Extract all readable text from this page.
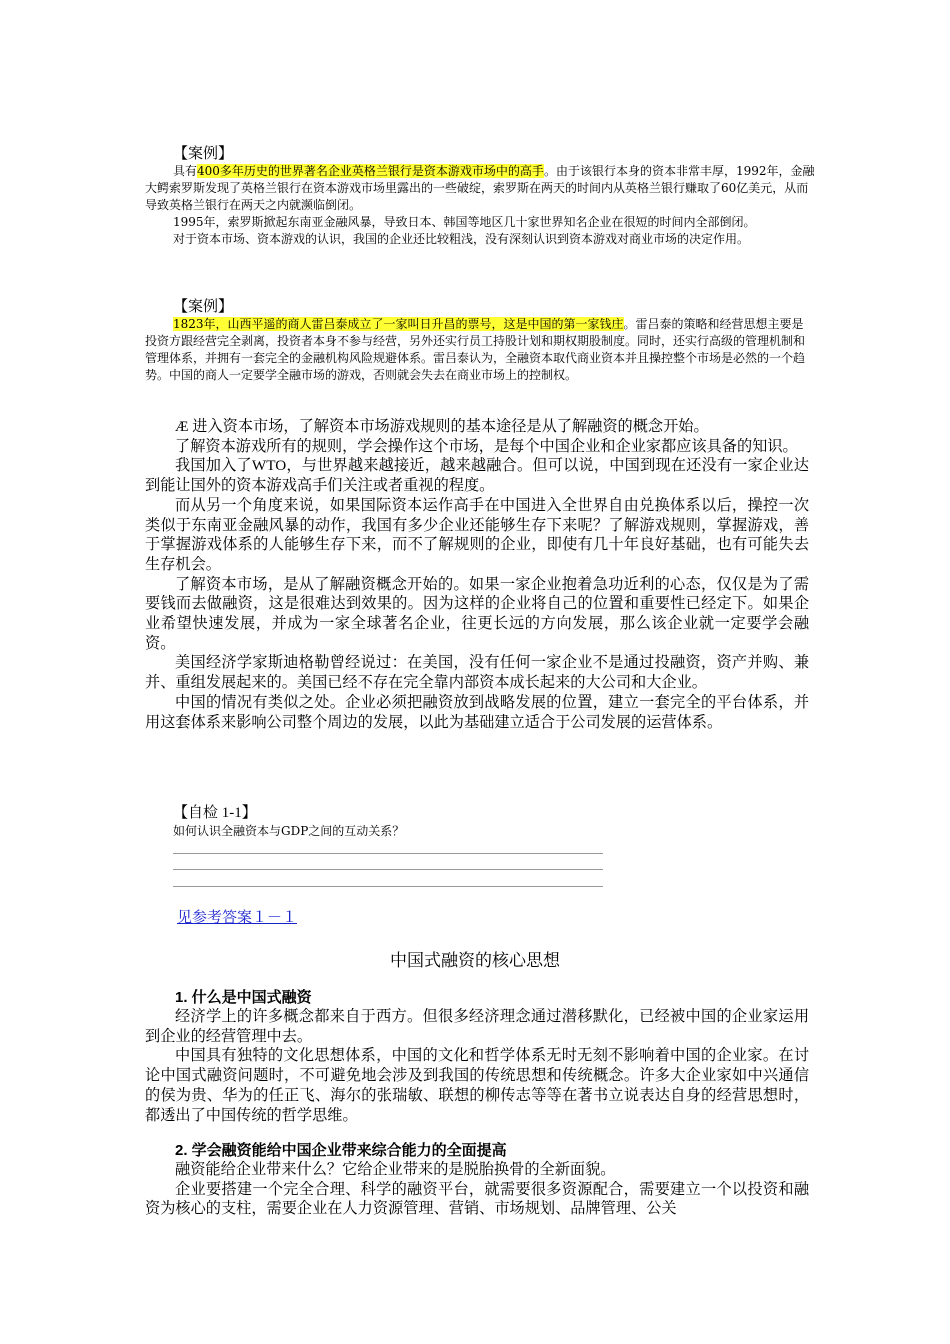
【案例】

具有400多年历史的世界著名企业英格兰银行是资本游戏市场中的高手。由于该银行本身的资本非常丰厚，1992年，金融大鳄索罗斯发现了英格兰银行在资本游戏市场里露出的一些破绽，索罗斯在两天的时间内从英格兰银行赚取了60亿美元，从而导致英格兰银行在两天之内就濒临倒闭。

1995年，索罗斯掀起东南亚金融风暴，导致日本、韩国等地区几十家世界知名企业在很短的时间内全部倒闭。

对于资本市场、资本游戏的认识，我国的企业还比较粗浅，没有深刻认识到资本游戏对商业市场的决定作用。

【案例】

1823年，山西平遥的商人雷吕泰成立了一家叫日升昌的票号，这是中国的第一家钱庄。雷吕泰的策略和经营思想主要是投资方跟经营完全剥离，投资者本身不参与经营，另外还实行员工持股计划和期权期股制度。同时，还实行高级的管理机制和管理体系，并拥有一套完全的金融机构风险规避体系。雷吕泰认为，全融资本取代商业资本并且操控整个市场是必然的一个趋势。中国的商人一定要学全融市场的游戏，否则就会失去在商业市场上的控制权。

Æ 进入资本市场，了解资本市场游戏规则的基本途径是从了解融资的概念开始。

了解资本游戏所有的规则，学会操作这个市场，是每个中国企业和企业家都应该具备的知识。

我国加入了WTO，与世界越来越接近，越来越融合。但可以说，中国到现在还没有一家企业达到能让国外的资本游戏高手们关注或者重视的程度。

而从另一个角度来说，如果国际资本运作高手在中国进入全世界自由兑换体系以后，操控一次类似于东南亚金融风暴的动作，我国有多少企业还能够生存下来呢？了解游戏规则，掌握游戏，善于掌握游戏体系的人能够生存下来，而不了解规则的企业，即使有几十年良好基础，也有可能失去生存机会。

了解资本市场，是从了解融资概念开始的。如果一家企业抱着急功近利的心态，仅仅是为了需要钱而去做融资，这是很难达到效果的。因为这样的企业将自己的位置和重要性已经定下。如果企业希望快速发展，并成为一家全球著名企业，往更长远的方向发展，那么该企业就一定要学会融资。

美国经济学家斯迪格勒曾经说过：在美国，没有任何一家企业不是通过投融资，资产并购、兼并、重组发展起来的。美国已经不存在完全靠内部资本成长起来的大公司和大企业。

中国的情况有类似之处。企业必须把融资放到战略发展的位置，建立一套完全的平台体系，并用这套体系来影响公司整个周边的发展，以此为基础建立适合于公司发展的运营体系。

【自检 1-1】
如何认识全融资本与GDP之间的互动关系？
见参考答案１－１
中国式融资的核心思想
1. 什么是中国式融资

经济学上的许多概念都来自于西方。但很多经济理念通过潜移默化，已经被中国的企业家运用到企业的经营管理中去。

中国具有独特的文化思想体系，中国的文化和哲学体系无时无刻不影响着中国的企业家。在讨论中国式融资问题时，不可避免地会涉及到我国的传统思想和传统概念。许多大企业家如中兴通信的侯为贵、华为的任正飞、海尔的张瑞敏、联想的柳传志等等在著书立说表达自身的经营思想时，都透出了中国传统的哲学思维。

2. 学会融资能给中国企业带来综合能力的全面提高

融资能给企业带来什么？它给企业带来的是脱胎换骨的全新面貌。

企业要搭建一个完全合理、科学的融资平台，就需要很多资源配合，需要建立一个以投资和融资为核心的支柱，需要企业在人力资源管理、营销、市场规划、品牌管理、公关
